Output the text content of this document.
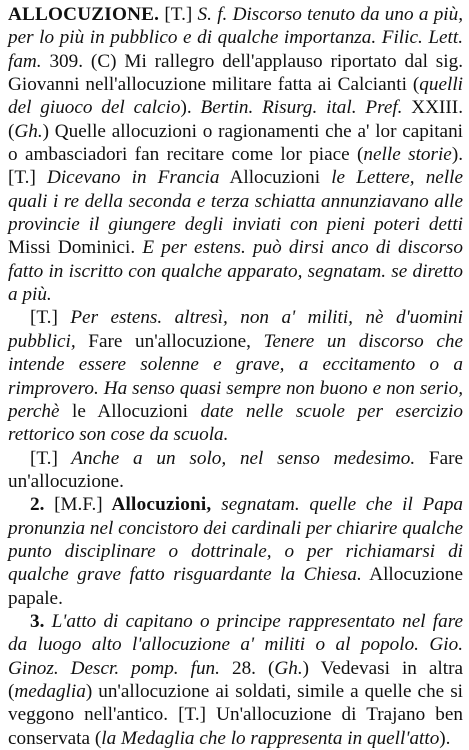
ALLOCUZIONE. [T.] S. f. Discorso tenuto da uno a più, per lo più in pubblico e di qualche importanza. Filic. Lett. fam. 309. (C) Mi rallegro dell'applauso riportato dal sig. Giovanni nell'allocuzione militare fatta ai Calcianti (quelli del giuoco del calcio). Bertin. Risurg. ital. Pref. XXIII. (Gh.) Quelle allocuzioni o ragionamenti che a' lor capitani o ambasciadori fan recitare come lor piace (nelle storie). [T.] Dicevano in Francia Allocuzioni le Lettere, nelle quali i re della seconda e terza schiatta annunziavano alle provincie il giungere degli inviati con pieni poteri detti Missi Dominici. E per estens. può dirsi anco di discorso fatto in iscritto con qualche apparato, segnatam. se diretto a più.

[T.] Per estens. altresì, non a' militi, nè d'uomini pubblici, Fare un'allocuzione, Tenere un discorso che intende essere solenne e grave, a eccitamento o a rimprovero. Ha senso quasi sempre non buono e non serio, perchè le Allocuzioni date nelle scuole per esercizio rettorico son cose da scuola.

[T.] Anche a un solo, nel senso medesimo. Fare un'allocuzione.

2. [M.F.] Allocuzioni, segnatam. quelle che il Papa pronunzia nel concistoro dei cardinali per chiarire qualche punto disciplinare o dottrinale, o per richiamarsi di qualche grave fatto risguardante la Chiesa. Allocuzione papale.

3. L'atto di capitano o principe rappresentato nel fare da luogo alto l'allocuzione a' militi o al popolo. Gio. Ginoz. Descr. pomp. fun. 28. (Gh.) Vedevasi in altra (medaglia) un'allocuzione ai soldati, simile a quelle che si veggono nell'antico. [T.] Un'allocuzione di Trajano ben conservata (la Medaglia che lo rappresenta in quell'atto).
